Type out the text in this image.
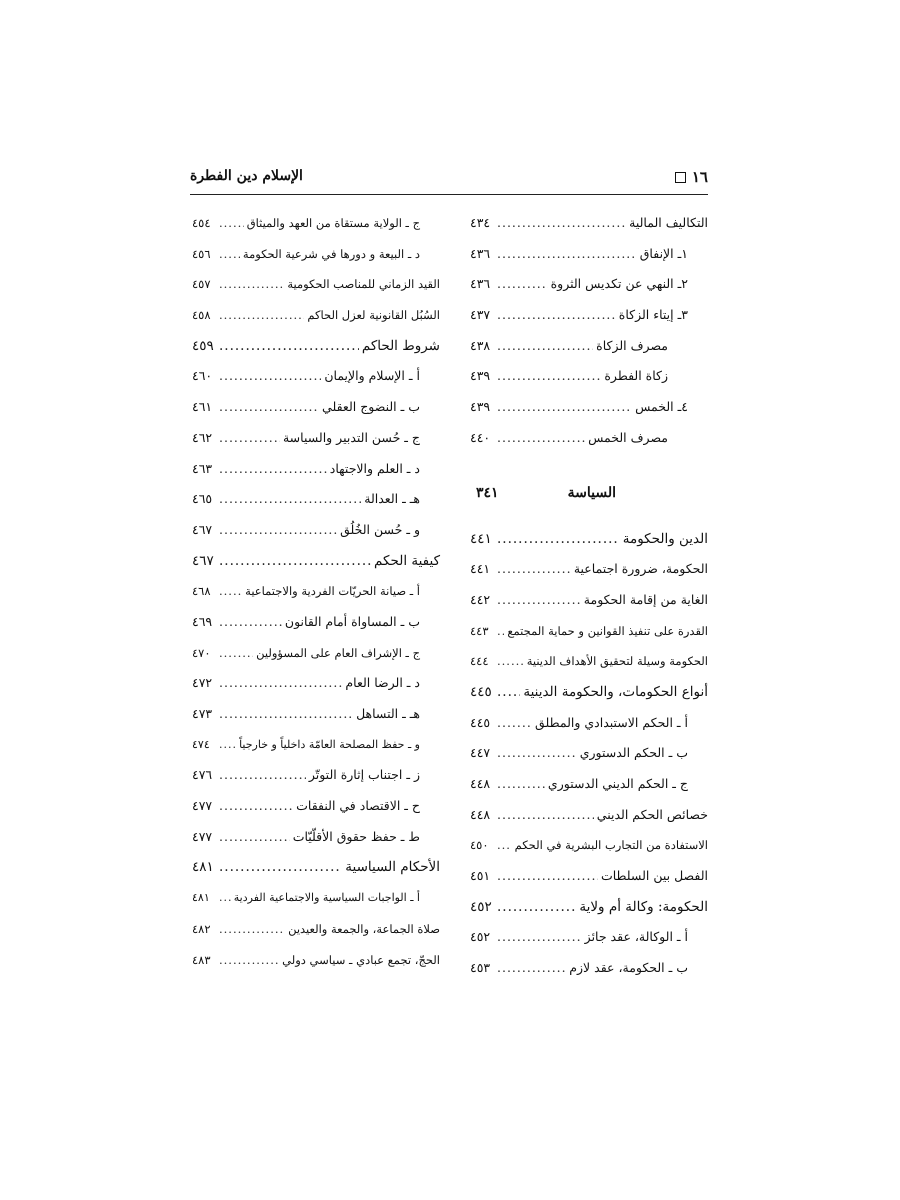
١٦
الإسلام دين الفطرة
التكاليف المالية
.....
٤٣٤
١ـ الإنفاق
.....
٤٣٦
٢ـ النهي عن تكديس الثروة
.....
٤٣٦
٣ـ إيتاء الزكاة
.....
٤٣٧
مصرف الزكاة
.....
٤٣٨
زكاة الفطرة
.....
٤٣٩
٤ـ الخمس
.....
٤٣٩
مصرف الخمس
.....
٤٤٠
السياسة
٣٤١
الدين والحكومة
.....
٤٤١
الحكومة، ضرورة اجتماعية
.....
٤٤١
الغاية من إقامة الحكومة
.....
٤٤٢
القدرة على تنفيذ القوانين و حماية المجتمع
.....
٤٤٣
الحكومة وسيلة لتحقيق الأهداف الدينية
.....
٤٤٤
أنواع الحكومات، والحكومة الدينية
.....
٤٤٥
أ ـ الحكم الاستبدادي والمطلق
.....
٤٤٥
ب ـ الحكم الدستوري
.....
٤٤٧
ج ـ الحكم الديني الدستوري
.....
٤٤٨
خصائص الحكم الديني
.....
٤٤٨
الاستفادة من التجارب البشرية في الحكم
.....
٤٥٠
الفصل بين السلطات
.....
٤٥١
الحكومة: وكالة أم ولاية
.....
٤٥٢
أ ـ الوكالة، عقد جائز
.....
٤٥٢
ب ـ الحكومة، عقد لازم
.....
٤٥٣
ج ـ الولاية مستقاة من العهد والميثاق
.....
٤٥٤
د ـ البيعة و دورها في شرعية الحكومة
.....
٤٥٦
القيد الزماني للمناصب الحكومية
.....
٤٥٧
السُبُل القانونية لعزل الحاكم
.....
٤٥٨
شروط الحاكم
.....
٤٥٩
أ ـ الإسلام والإيمان
.....
٤٦٠
ب ـ النضوج العقلي
.....
٤٦١
ج ـ حُسن التدبير والسياسة
.....
٤٦٢
د ـ العلم والاجتهاد
.....
٤٦٣
هـ ـ العدالة
.....
٤٦٥
و ـ حُسن الخُلُق
.....
٤٦٧
كيفية الحكم
.....
٤٦٧
أ ـ صيانة الحريّات الفردية والاجتماعية
.....
٤٦٨
ب ـ المساواة أمام القانون
.....
٤٦٩
ج ـ الإشراف العام على المسؤولين
.....
٤٧٠
د ـ الرضا العام
.....
٤٧٢
هـ ـ التساهل
.....
٤٧٣
و ـ حفظ المصلحة العامّة داخلياً و خارجياً
.....
٤٧٤
ز ـ اجتناب إثارة التوتّر
.....
٤٧٦
ح ـ الاقتصاد في النفقات
.....
٤٧٧
ط ـ حفظ حقوق الأقلّيّات
.....
٤٧٧
الأحكام السياسية
.....
٤٨١
أ ـ الواجبات السياسية والاجتماعية الفردية
.....
٤٨١
صلاة الجماعة، والجمعة والعيدين
.....
٤٨٢
الحجّ، تجمع عبادي ـ سياسي دولي
.....
٤٨٣
